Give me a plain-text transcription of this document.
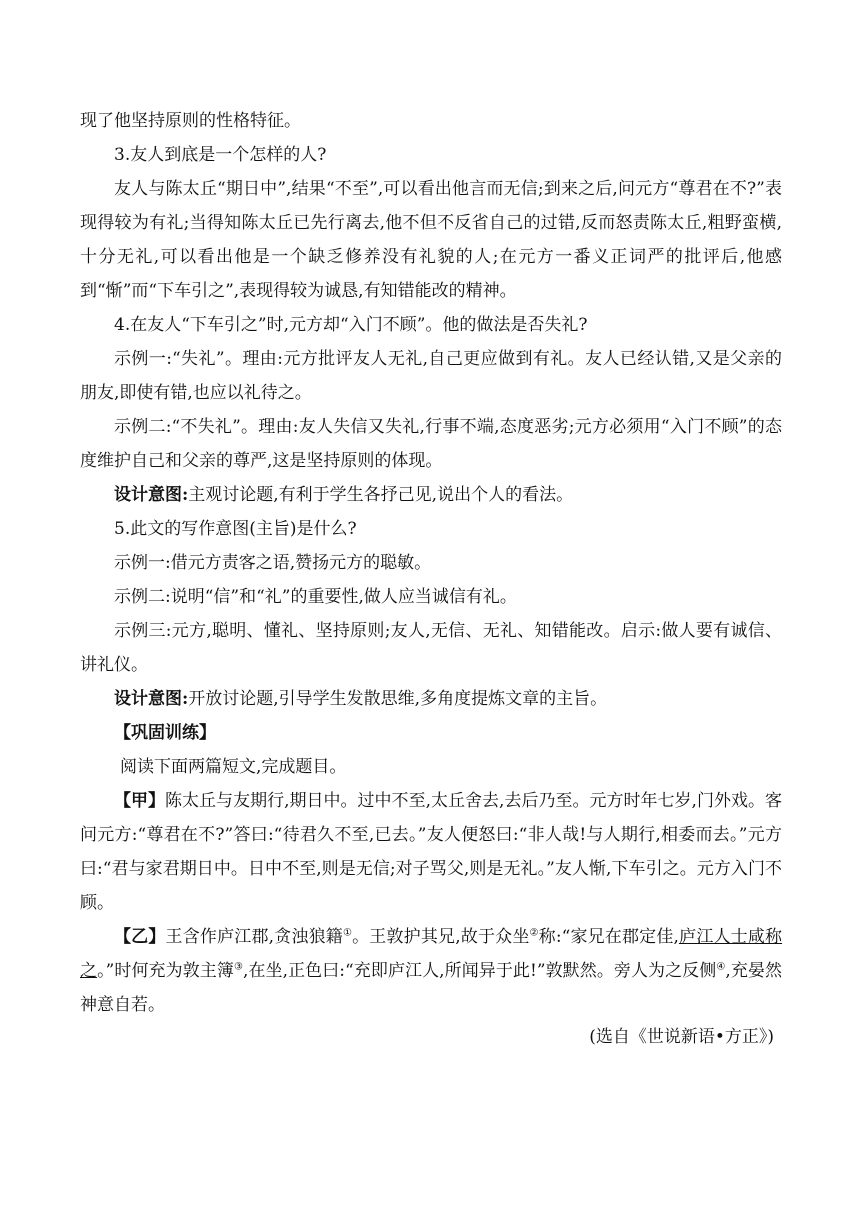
现了他坚持原则的性格特征。

3.友人到底是一个怎样的人?

友人与陈太丘“期日中”,结果“不至”,可以看出他言而无信;到来之后,问元方“尊君在不?”表现得较为有礼;当得知陈太丘已先行离去,他不但不反省自己的过错,反而怒责陈太丘,粗野蛮横,十分无礼,可以看出他是一个缺乏修养没有礼貌的人;在元方一番义正词严的批评后,他感到“惭”而“下车引之”,表现得较为诚恳,有知错能改的精神。

4.在友人“下车引之”时,元方却“入门不顾”。他的做法是否失礼?

示例一:“失礼”。理由:元方批评友人无礼,自己更应做到有礼。友人已经认错,又是父亲的朋友,即使有错,也应以礼待之。

示例二:“不失礼”。理由:友人失信又失礼,行事不端,态度恶劣;元方必须用“入门不顾”的态度维护自己和父亲的尊严,这是坚持原则的体现。

设计意图:主观讨论题,有利于学生各抒己见,说出个人的看法。

5.此文的写作意图(主旨)是什么?

示例一:借元方责客之语,赞扬元方的聪敏。

示例二:说明“信”和“礼”的重要性,做人应当诚信有礼。

示例三:元方,聪明、懂礼、坚持原则;友人,无信、无礼、知错能改。启示:做人要有诚信、讲礼仪。

设计意图:开放讨论题,引导学生发散思维,多角度提炼文章的主旨。

【巩固训练】

阅读下面两篇短文,完成题目。

【甲】陈太丘与友期行,期日中。过中不至,太丘舍去,去后乃至。元方时年七岁,门外戏。客问元方:“尊君在不?”答曰:“待君久不至,已去。”友人便怒曰:“非人哉!与人期行,相委而去。”元方曰:“君与家君期日中。日中不至,则是无信;对子骂父,则是无礼。”友人惭,下车引之。元方入门不顾。

【乙】王含作庐江郡,贪浊狼籍①。王敦护其兄,故于众坐②称:“家兄在郡定佳,庐江人士咸称之。”时何充为敦主簿③,在坐,正色曰:“充即庐江人,所闻异于此!”敦默然。旁人为之反侧④,充晏然神意自若。

(选自《世说新语•方正》)
